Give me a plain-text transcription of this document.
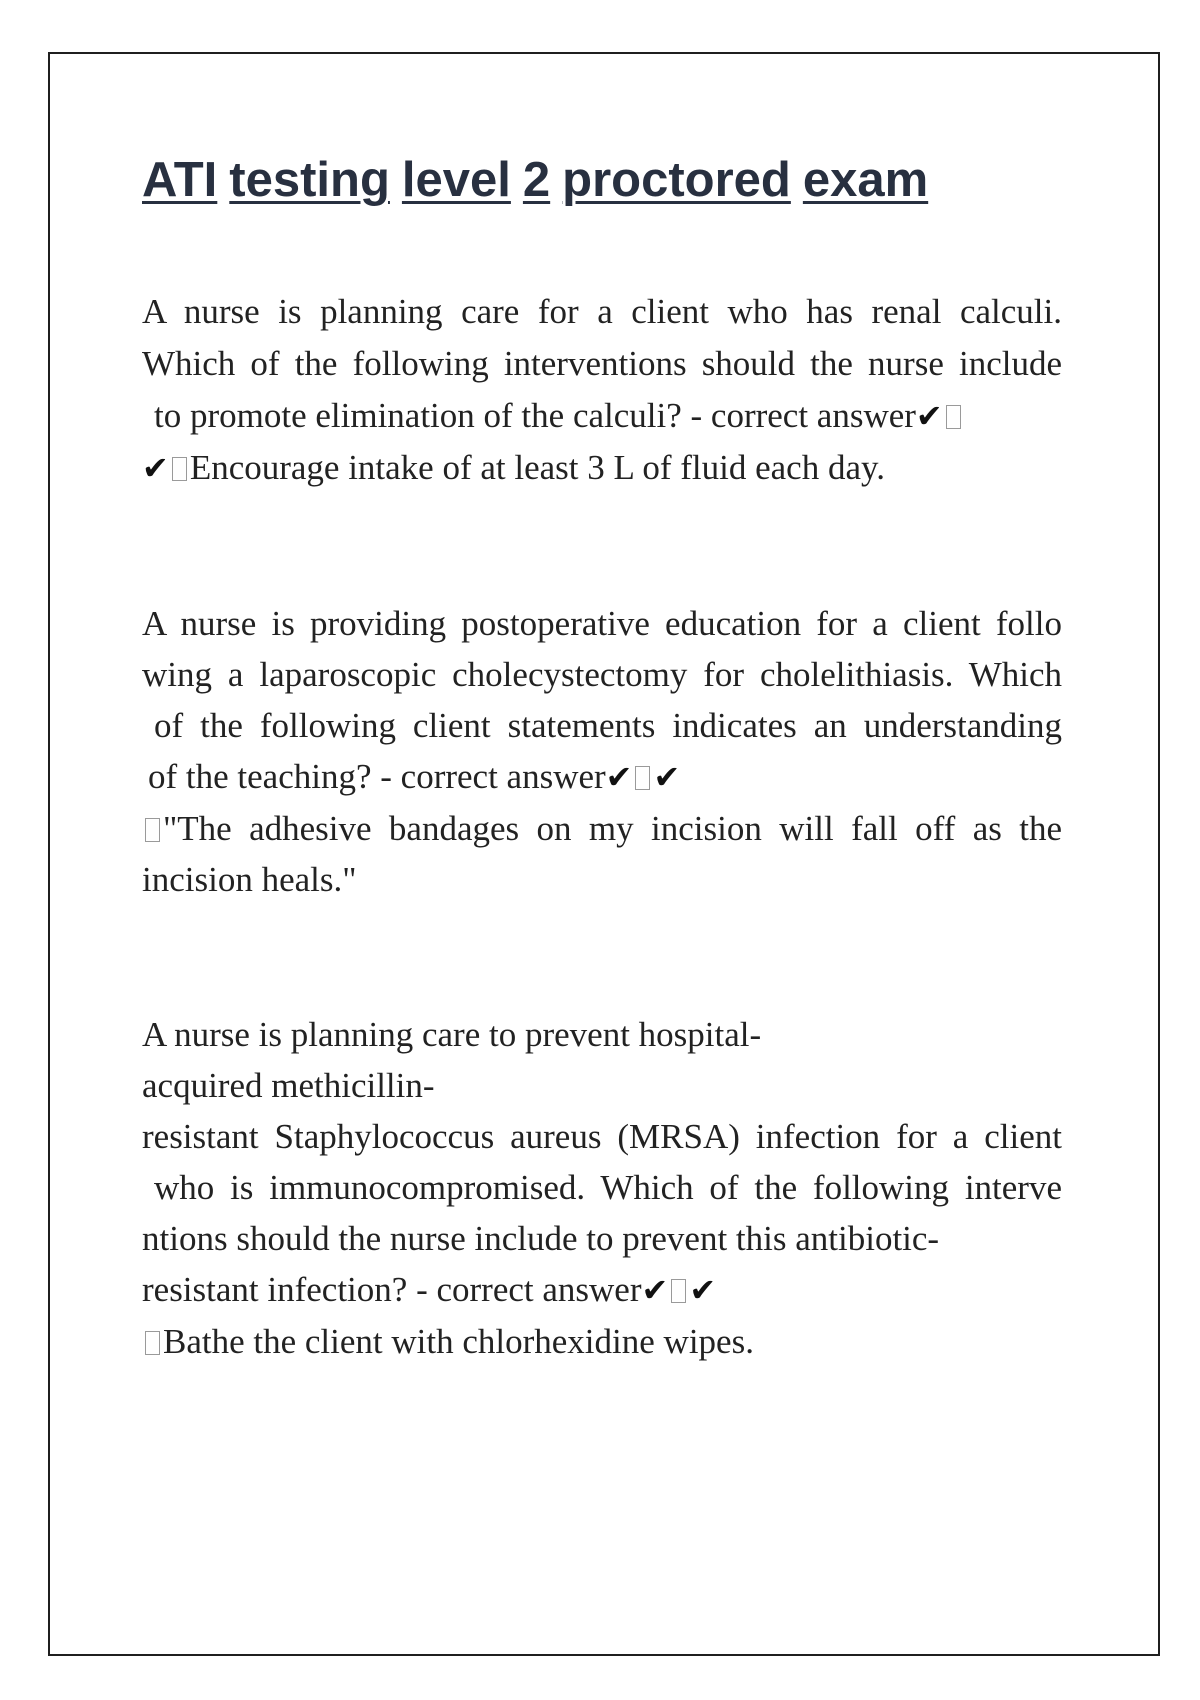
ATI testing level 2 proctored exam
A nurse is planning care for a client who has renal calculi.
Which of the following interventions should the nurse include
to promote elimination of the calculi? - correct answer✔
✔ Encourage intake of at least 3 L of fluid each day.
A nurse is providing postoperative education for a client follo
wing a laparoscopic cholecystectomy for cholelithiasis. Which
of the following client statements indicates an understanding
of the teaching? - correct answer✔ ✔
"The adhesive bandages on my incision will fall off as the
incision heals."
A nurse is planning care to prevent hospital-
acquired methicillin-
resistant Staphylococcus aureus (MRSA) infection for a client
who is immunocompromised. Which of the following interve
ntions should the nurse include to prevent this antibiotic-
resistant infection? - correct answer✔ ✔
Bathe the client with chlorhexidine wipes.
